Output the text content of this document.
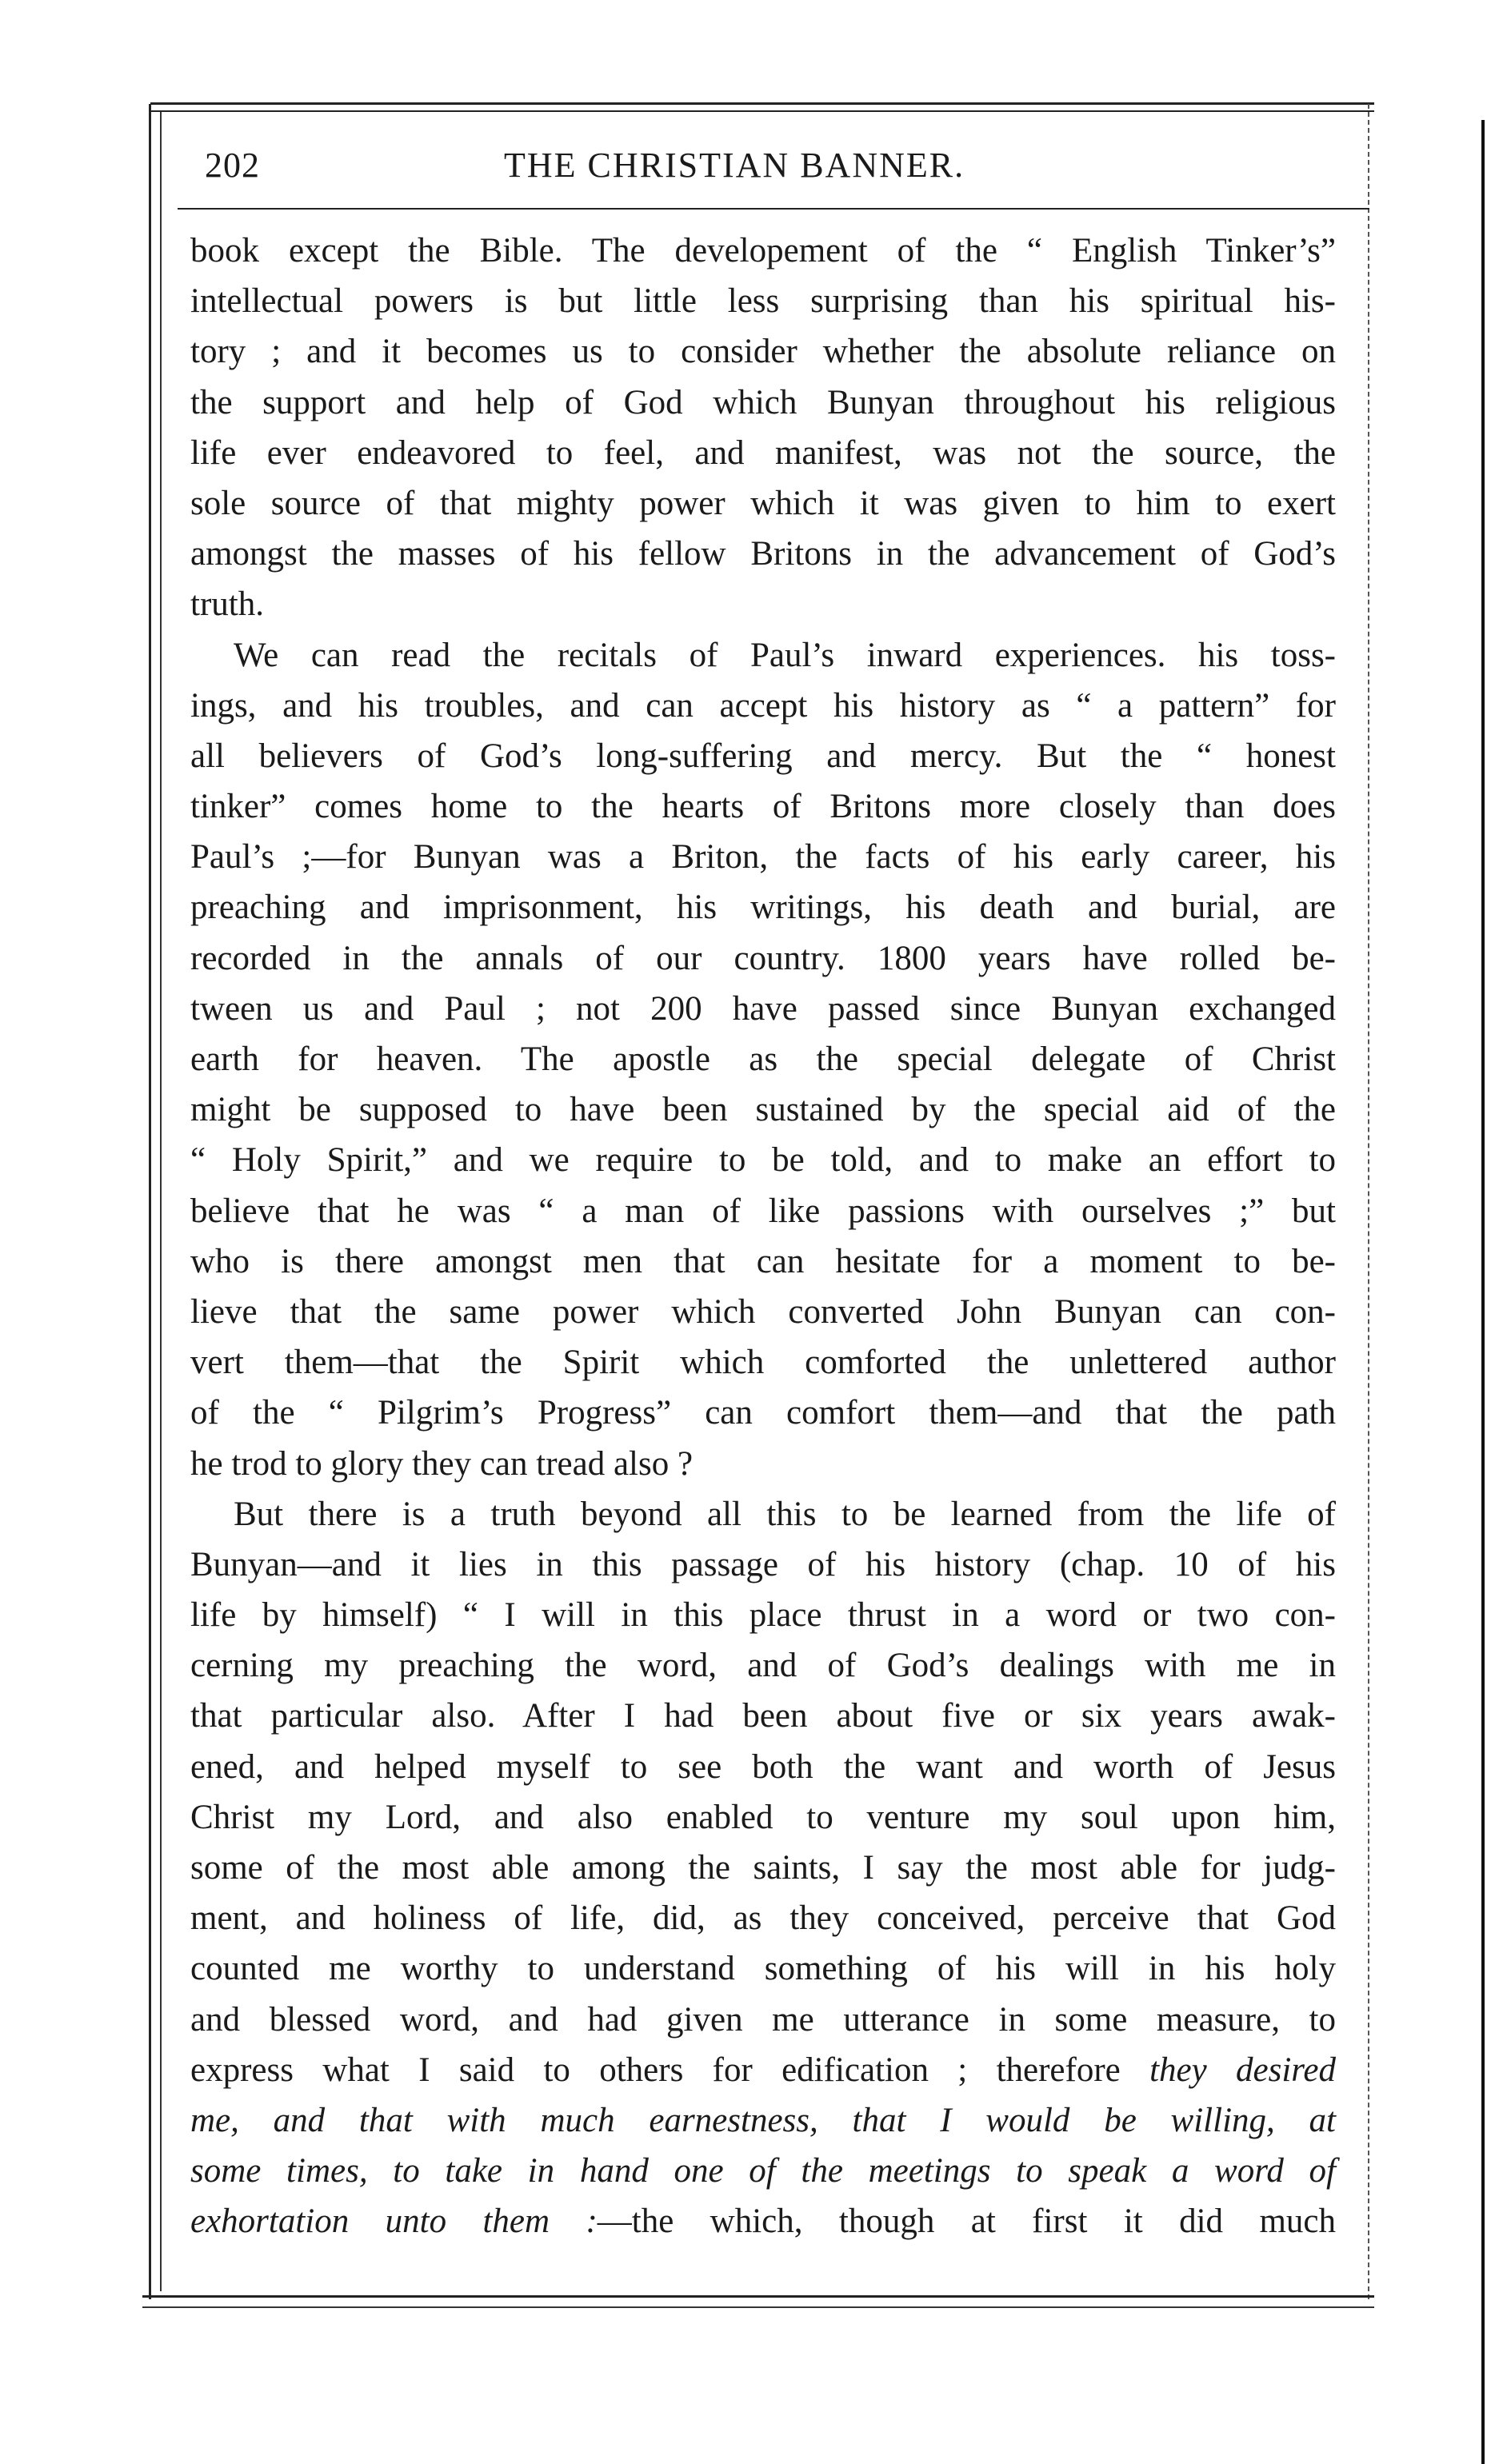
202	THE CHRISTIAN BANNER.
book except the Bible. The developement of the “ English Tinker’s”
intellectual powers is but little less surprising than his spiritual his-
tory ; and it becomes us to consider whether the absolute reliance on
the support and help of God which Bunyan throughout his religious
life ever endeavored to feel, and manifest, was not the source, the
sole source of that mighty power which it was given to him to exert
amongst the masses of his fellow Britons in the advancement of God’s
truth.
We can read the recitals of Paul’s inward experiences. his toss-
ings, and his troubles, and can accept his history as “ a pattern” for
all believers of God’s long-suffering and mercy. But the “ honest
tinker” comes home to the hearts of Britons more closely than does
Paul’s ;—for Bunyan was a Briton, the facts of his early career, his
preaching and imprisonment, his writings, his death and burial, are
recorded in the annals of our country. 1800 years have rolled be-
tween us and Paul ; not 200 have passed since Bunyan exchanged
earth for heaven. The apostle as the special delegate of Christ
might be supposed to have been sustained by the special aid of the
“ Holy Spirit,” and we require to be told, and to make an effort to
believe that he was “ a man of like passions with ourselves ;” but
who is there amongst men that can hesitate for a moment to be-
lieve that the same power which converted John Bunyan can con-
vert them—that the Spirit which comforted the unlettered author
of the “ Pilgrim’s Progress” can comfort them—and that the path
he trod to glory they can tread also ?
But there is a truth beyond all this to be learned from the life of
Bunyan—and it lies in this passage of his history (chap. 10 of his
life by himself) “ I will in this place thrust in a word or two con-
cerning my preaching the word, and of God’s dealings with me in
that particular also. After I had been about five or six years awak-
ened, and helped myself to see both the want and worth of Jesus
Christ my Lord, and also enabled to venture my soul upon him,
some of the most able among the saints, I say the most able for judg-
ment, and holiness of life, did, as they conceived, perceive that God
counted me worthy to understand something of his will in his holy
and blessed word, and had given me utterance in some measure, to
express what I said to others for edification ; therefore they desired
me, and that with much earnestness, that I would be willing, at
some times, to take in hand one of the meetings to speak a word of
exhortation unto them :—the which, though at first it did much
